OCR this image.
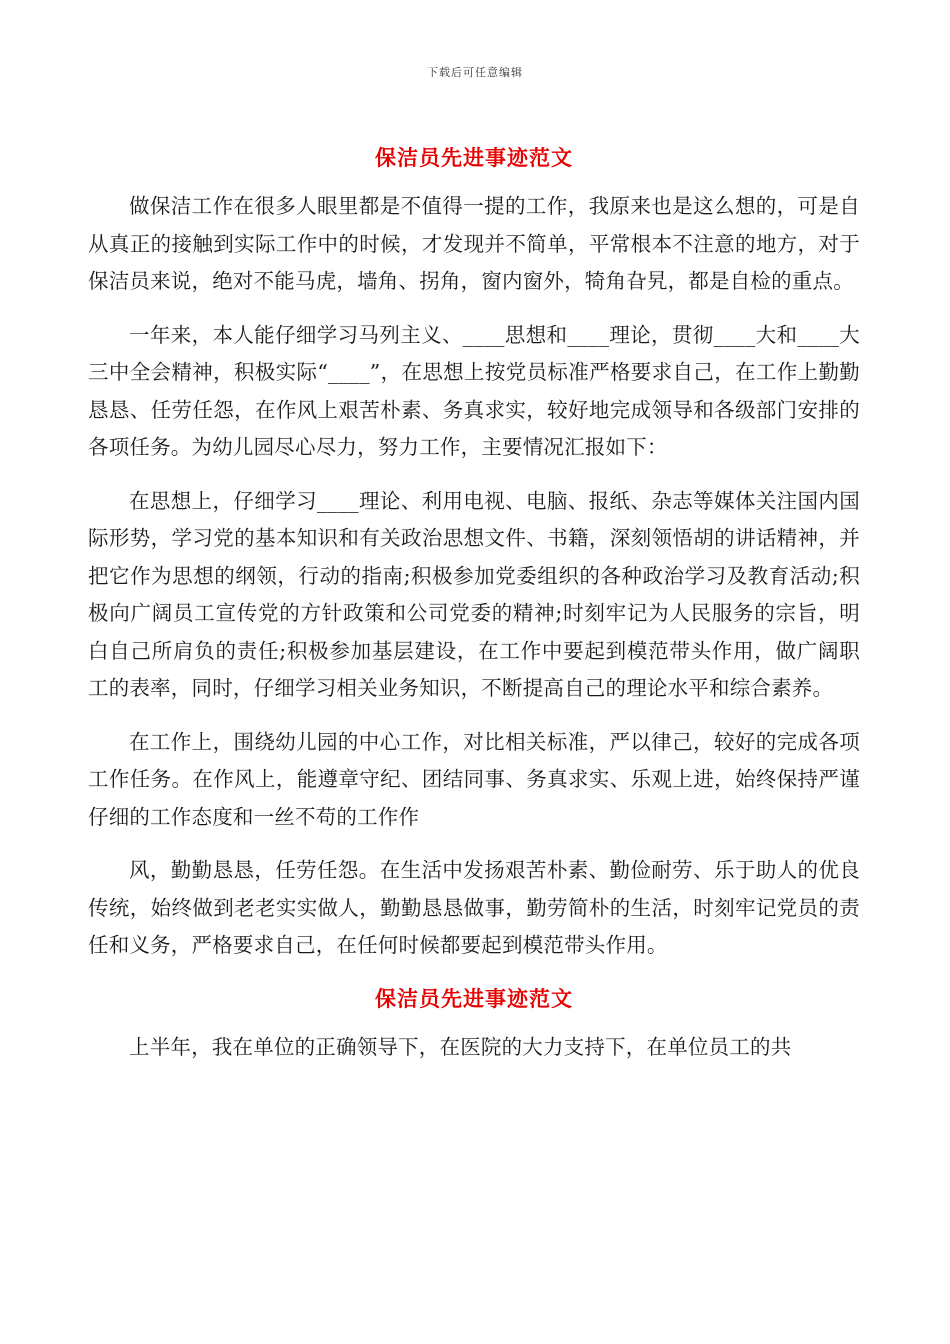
下载后可任意编辑
保洁员先进事迹范文

做保洁工作在很多人眼里都是不值得一提的工作，我原来也是这么想的，可是自从真正的接触到实际工作中的时候，才发现并不简单，平常根本不注意的地方，对于保洁员来说，绝对不能马虎，墙角、拐角，窗内窗外，犄角旮旯，都是自检的重点。

一年来，本人能仔细学习马列主义、____思想和____理论，贯彻____大和____大三中全会精神，积极实际“____”，在思想上按党员标准严格要求自己，在工作上勤勤恳恳、任劳任怨，在作风上艰苦朴素、务真求实，较好地完成领导和各级部门安排的各项任务。为幼儿园尽心尽力，努力工作，主要情况汇报如下：

在思想上，仔细学习____理论、利用电视、电脑、报纸、杂志等媒体关注国内国际形势，学习党的基本知识和有关政治思想文件、书籍，深刻领悟胡的讲话精神，并把它作为思想的纲领，行动的指南;积极参加党委组织的各种政治学习及教育活动;积极向广阔员工宣传党的方针政策和公司党委的精神;时刻牢记为人民服务的宗旨，明白自己所肩负的责任;积极参加基层建设，在工作中要起到模范带头作用，做广阔职工的表率，同时，仔细学习相关业务知识，不断提高自己的理论水平和综合素养。

在工作上，围绕幼儿园的中心工作，对比相关标准，严以律己，较好的完成各项工作任务。在作风上，能遵章守纪、团结同事、务真求实、乐观上进，始终保持严谨仔细的工作态度和一丝不苟的工作作

风，勤勤恳恳，任劳任怨。在生活中发扬艰苦朴素、勤俭耐劳、乐于助人的优良传统，始终做到老老实实做人，勤勤恳恳做事，勤劳简朴的生活，时刻牢记党员的责任和义务，严格要求自己，在任何时候都要起到模范带头作用。

保洁员先进事迹范文

上半年，我在单位的正确领导下，在医院的大力支持下，在单位员工的共
